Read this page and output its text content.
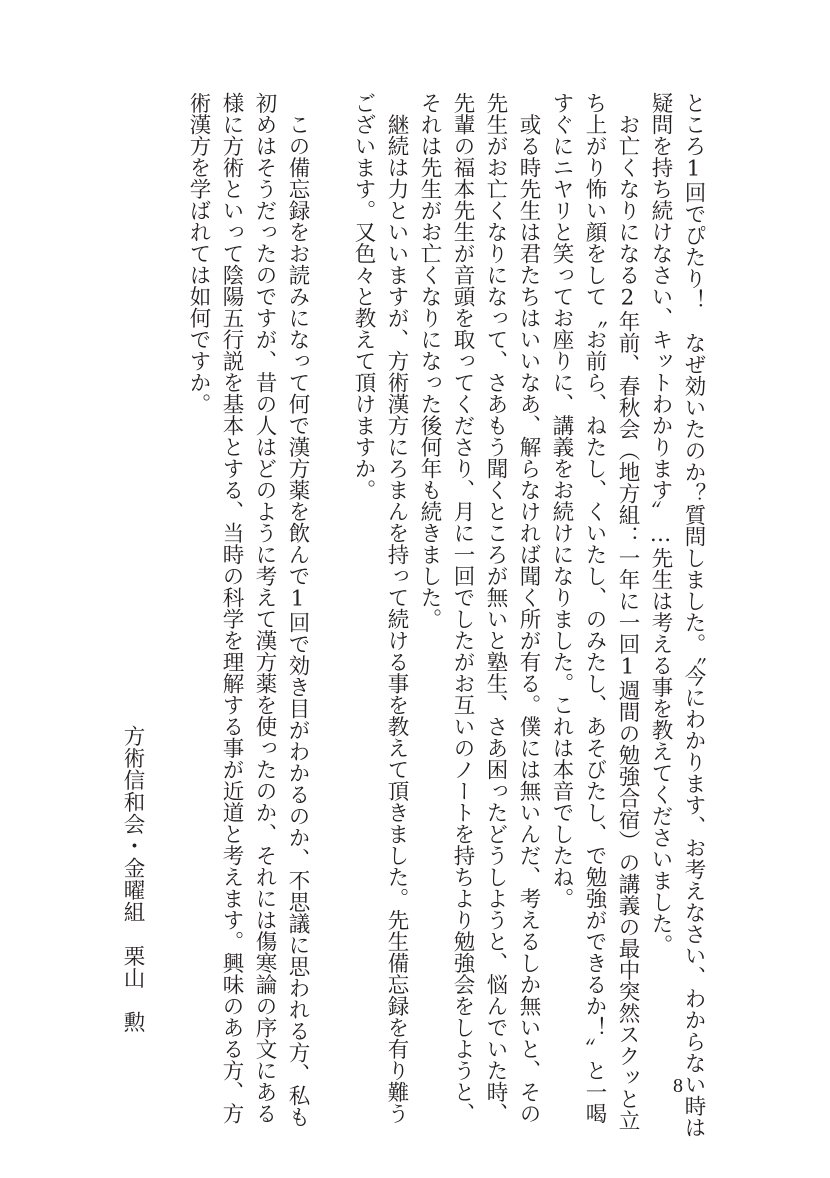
ところ1回でぴたり！　なぜ効いたのか？質問しました。〝今にわかります、お考えなさい、わからない時は
疑問を持ち続けなさい、キットわかります〟…先生は考える事を教えてくださいました。
　お亡くなりになる2年前、春秋会（地方組：一年に一回1週間の勉強合宿）の講義の最中突然スクッと立
ち上がり怖い顔をして〝お前ら、ねたし、くいたし、のみたし、あそびたし、で勉強ができるか！〟と一喝
すぐにニヤリと笑ってお座りに、講義をお続けになりました。これは本音でしたね。
　或る時先生は君たちはいいなあ、解らなければ聞く所が有る。僕には無いんだ、考えるしか無いと、その
先生がお亡くなりになって、さあもう聞くところが無いと塾生、さあ困ったどうしようと、悩んでいた時、
先輩の福本先生が音頭を取ってくださり、月に一回でしたがお互いのノートを持ちより勉強会をしようと、
それは先生がお亡くなりになった後何年も続きました。
　継続は力といいますが、方術漢方にろまんを持って続ける事を教えて頂きました。先生備忘録を有り難う
ございます。又色々と教えて頂けますか。
　この備忘録をお読みになって何で漢方薬を飲んで1回で効き目がわかるのか、不思議に思われる方、私も
初めはそうだったのですが、昔の人はどのように考えて漢方薬を使ったのか、それには傷寒論の序文にある
様に方術といって陰陽五行説を基本とする、当時の科学を理解する事が近道と考えます。興味のある方、方
術漢方を学ばれては如何ですか。
方術信和会・金曜組　栗山　勲
8
